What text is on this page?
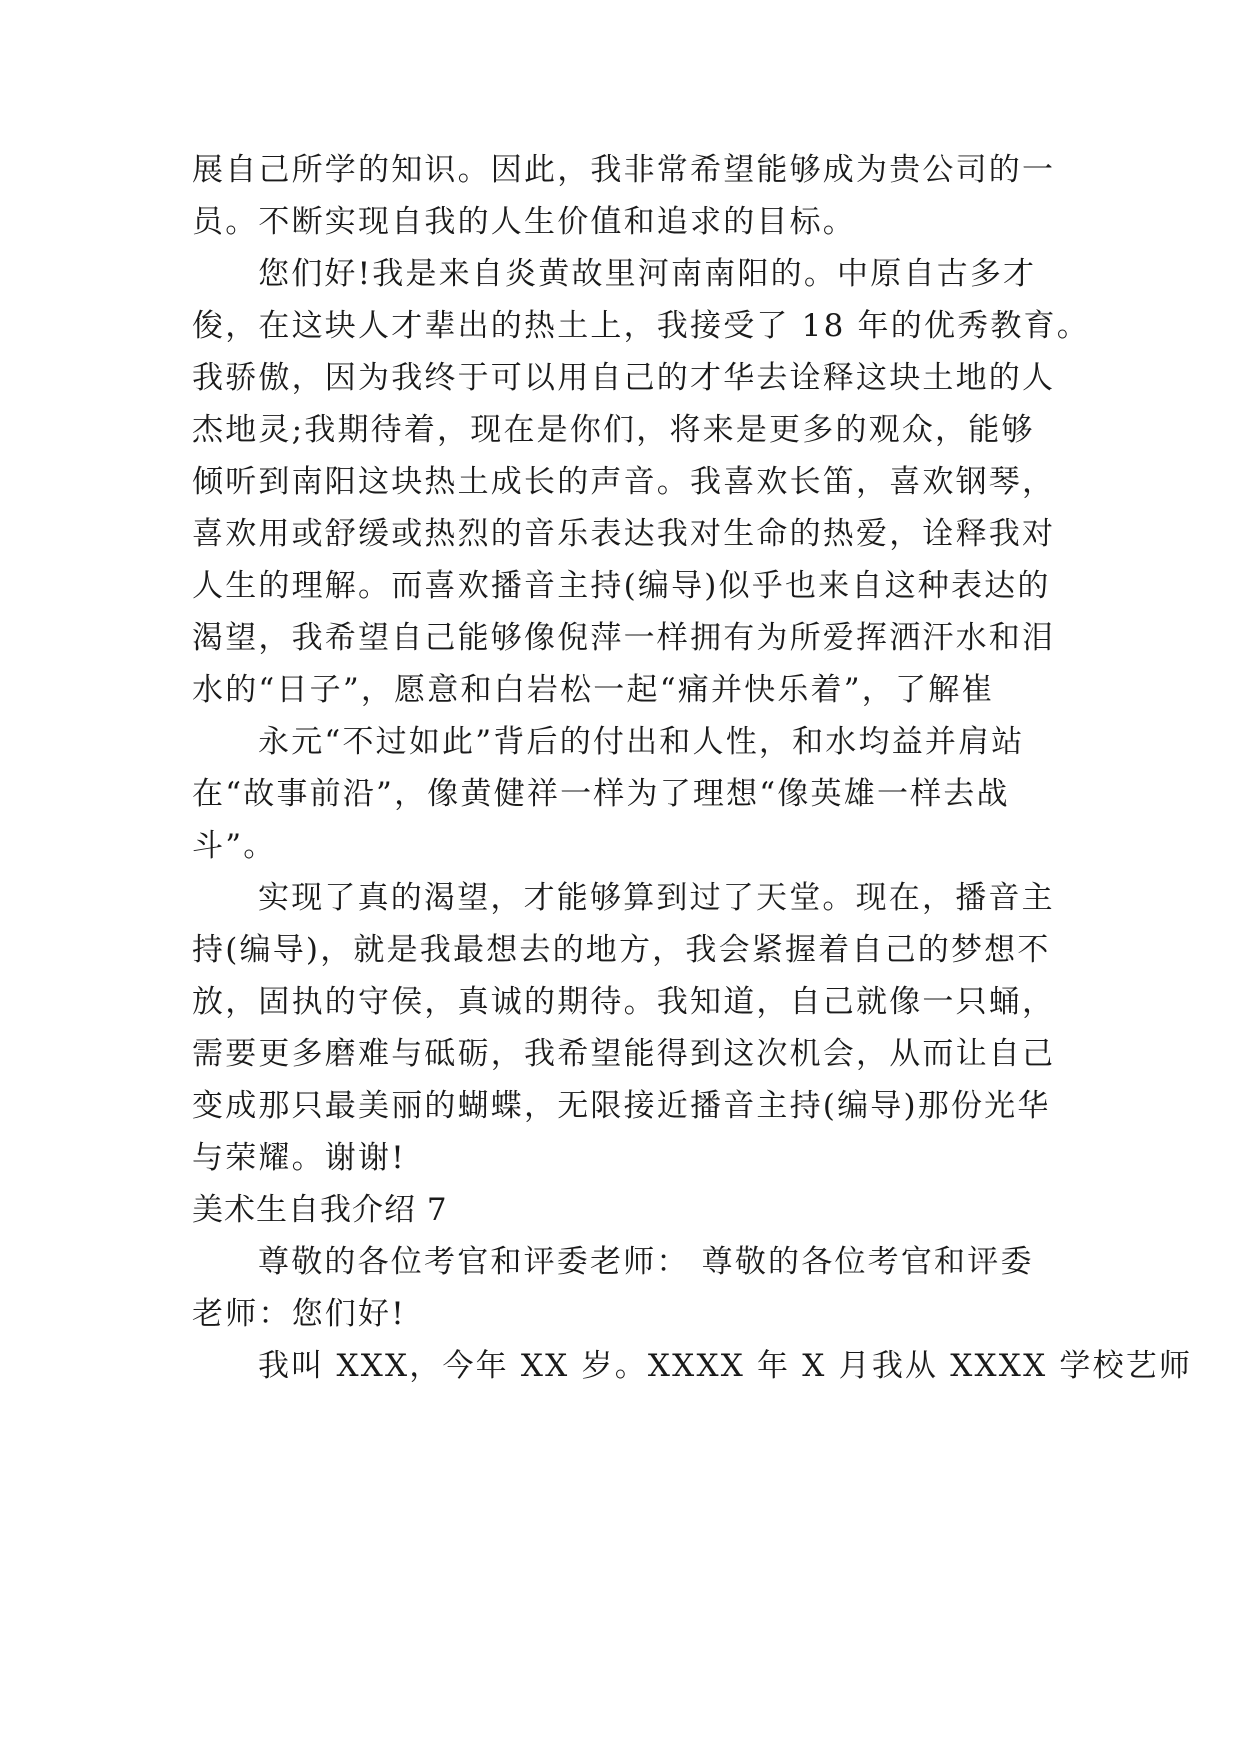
展自己所学的知识。因此，我非常希望能够成为贵公司的一
员。不断实现自我的人生价值和追求的目标。
您们好!我是来自炎黄故里河南南阳的。中原自古多才
俊，在这块人才辈出的热土上，我接受了 18 年的优秀教育。
我骄傲，因为我终于可以用自己的才华去诠释这块土地的人
杰地灵;我期待着，现在是你们，将来是更多的观众，能够
倾听到南阳这块热土成长的声音。我喜欢长笛，喜欢钢琴，
喜欢用或舒缓或热烈的音乐表达我对生命的热爱，诠释我对
人生的理解。而喜欢播音主持(编导)似乎也来自这种表达的
渴望，我希望自己能够像倪萍一样拥有为所爱挥洒汗水和泪
水的“日子”，愿意和白岩松一起“痛并快乐着”，了解崔
永元“不过如此”背后的付出和人性，和水均益并肩站
在“故事前沿”，像黄健祥一样为了理想“像英雄一样去战
斗”。
实现了真的渴望，才能够算到过了天堂。现在，播音主
持(编导)，就是我最想去的地方，我会紧握着自己的梦想不
放，固执的守侯，真诚的期待。我知道，自己就像一只蛹，
需要更多磨难与砥砺，我希望能得到这次机会，从而让自己
变成那只最美丽的蝴蝶，无限接近播音主持(编导)那份光华
与荣耀。谢谢!
美术生自我介绍 7
尊敬的各位考官和评委老师： 尊敬的各位考官和评委
老师：您们好!
我叫 XXX，今年 XX 岁。XXXX 年 X 月我从 XXXX 学校艺师
